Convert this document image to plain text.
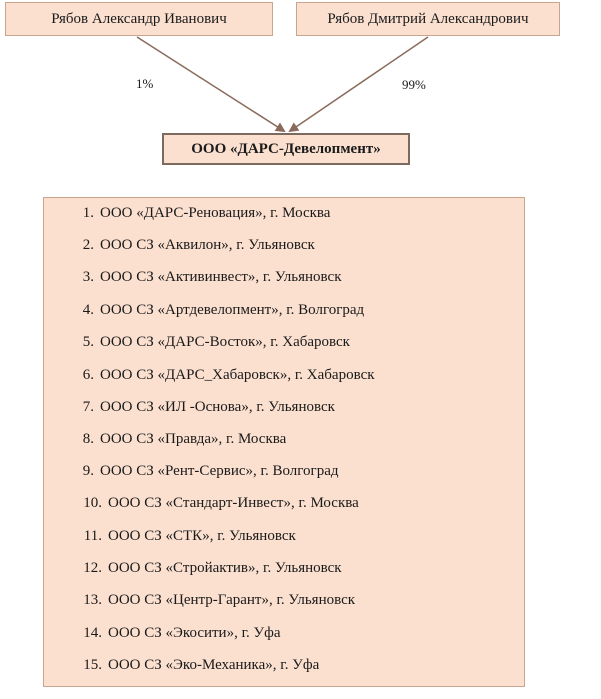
Рябов Александр Иванович	Рябов Дмитрий Александрович
1%	99%
ООО «ДАРС-Девелопмент»
1. ООО «ДАРС-Реновация», г. Москва
2. ООО СЗ «Аквилон», г. Ульяновск
3. ООО СЗ «Активинвест», г. Ульяновск
4. ООО СЗ «Артдевелопмент», г. Волгоград
5. ООО СЗ «ДАРС-Восток», г. Хабаровск
6. ООО СЗ «ДАРС_Хабаровск», г. Хабаровск
7. ООО СЗ «ИЛ -Основа», г. Ульяновск
8. ООО СЗ «Правда», г. Москва
9. ООО СЗ «Рент-Сервис», г. Волгоград
10. ООО СЗ «Стандарт-Инвест», г. Москва
11. ООО СЗ «СТК», г. Ульяновск
12. ООО СЗ «Стройактив», г. Ульяновск
13. ООО СЗ «Центр-Гарант», г. Ульяновск
14. ООО СЗ «Экосити», г. Уфа
15. ООО СЗ «Эко-Механика», г. Уфа
